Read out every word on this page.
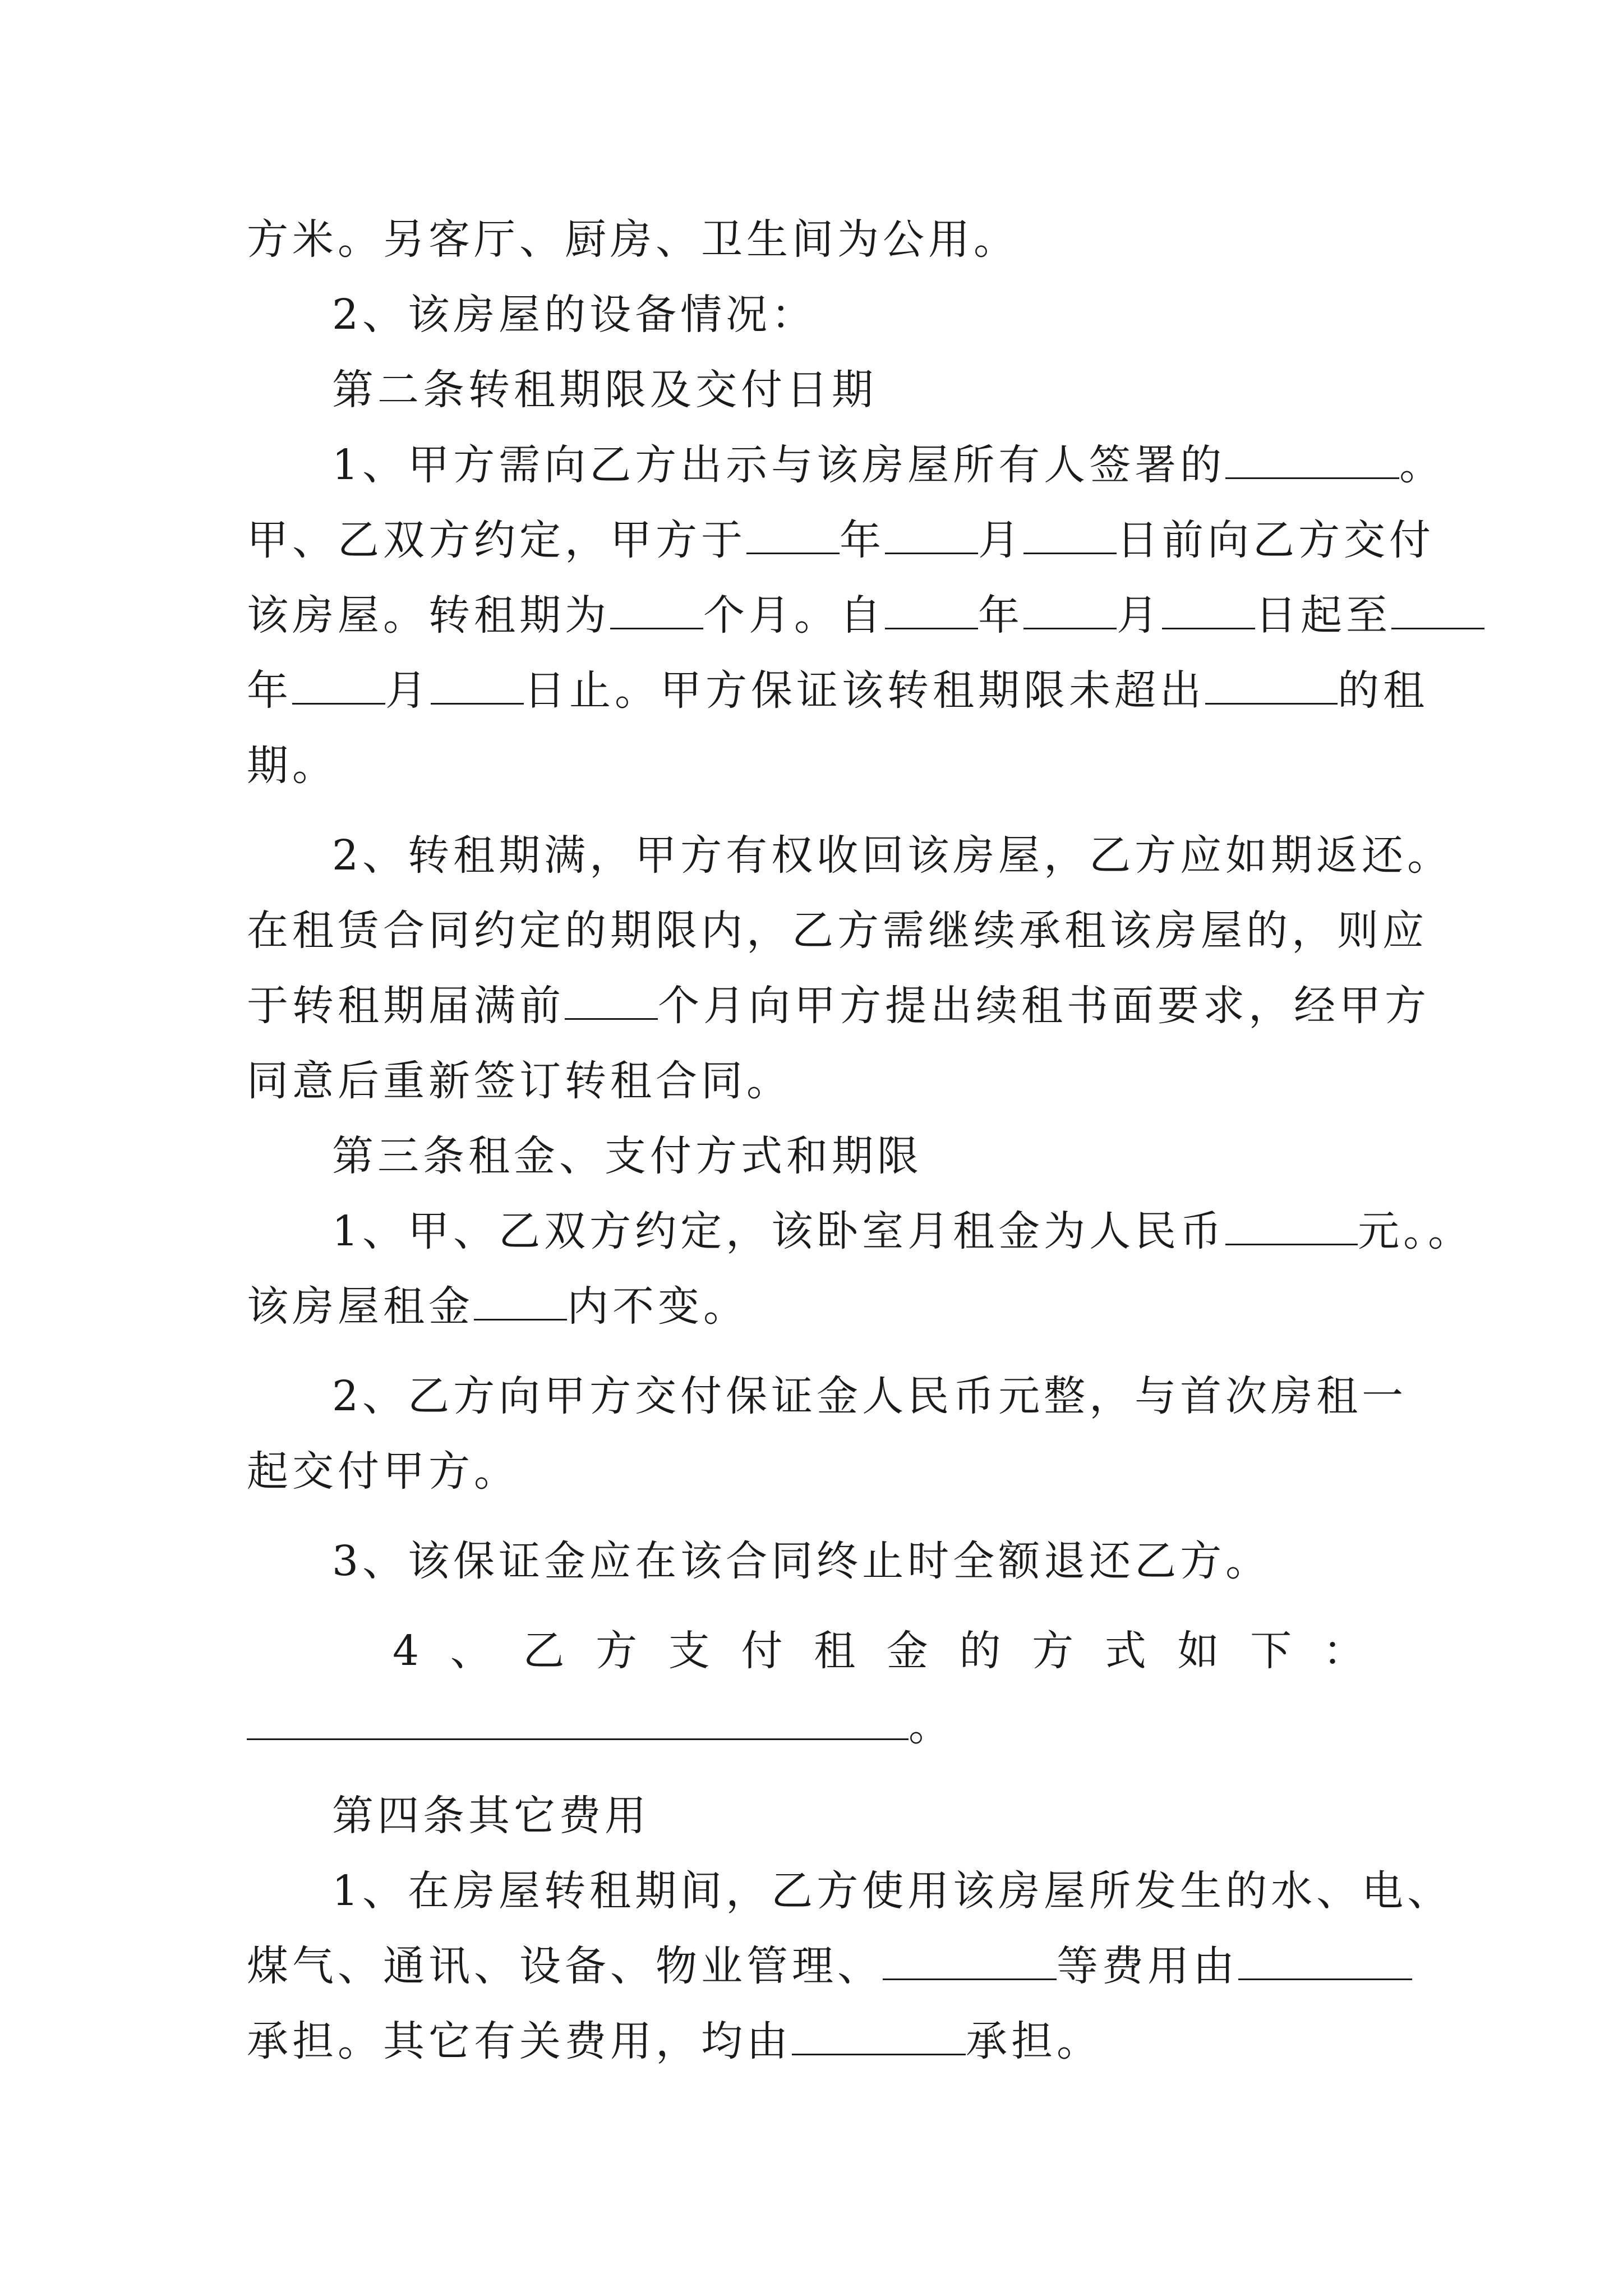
方米。另客厅、厨房、卫生间为公用。
2、该房屋的设备情况：
第二条转租期限及交付日期
1、甲方需向乙方出示与该房屋所有人签署的	。
甲、乙双方约定，甲方于 年 月 日前向乙方交付
该房屋。转租期为 个月。自 年 月 日起至
年 月 日止。甲方保证该转租期限未超出	的租
期。
2、转租期满，甲方有权收回该房屋，乙方应如期返还。
在租赁合同约定的期限内，乙方需继续承租该房屋的，则应
于转租期届满前 个月向甲方提出续租书面要求，经甲方
同意后重新签订转租合同。
第三条租金、支付方式和期限
1、甲、乙双方约定，该卧室月租金为人民币	元。。
该房屋租金 内不变。
2、乙方向甲方交付保证金人民币元整，与首次房租一
起交付甲方。
3、该保证金应在该合同终止时全额退还乙方。
4 、 乙 方 支 付 租 金 的 方 式 如 下 ：
。
第四条其它费用
1、在房屋转租期间，乙方使用该房屋所发生的水、电、
煤气、通讯、设备、物业管理、	等费用由
承担。其它有关费用，均由	承担。
